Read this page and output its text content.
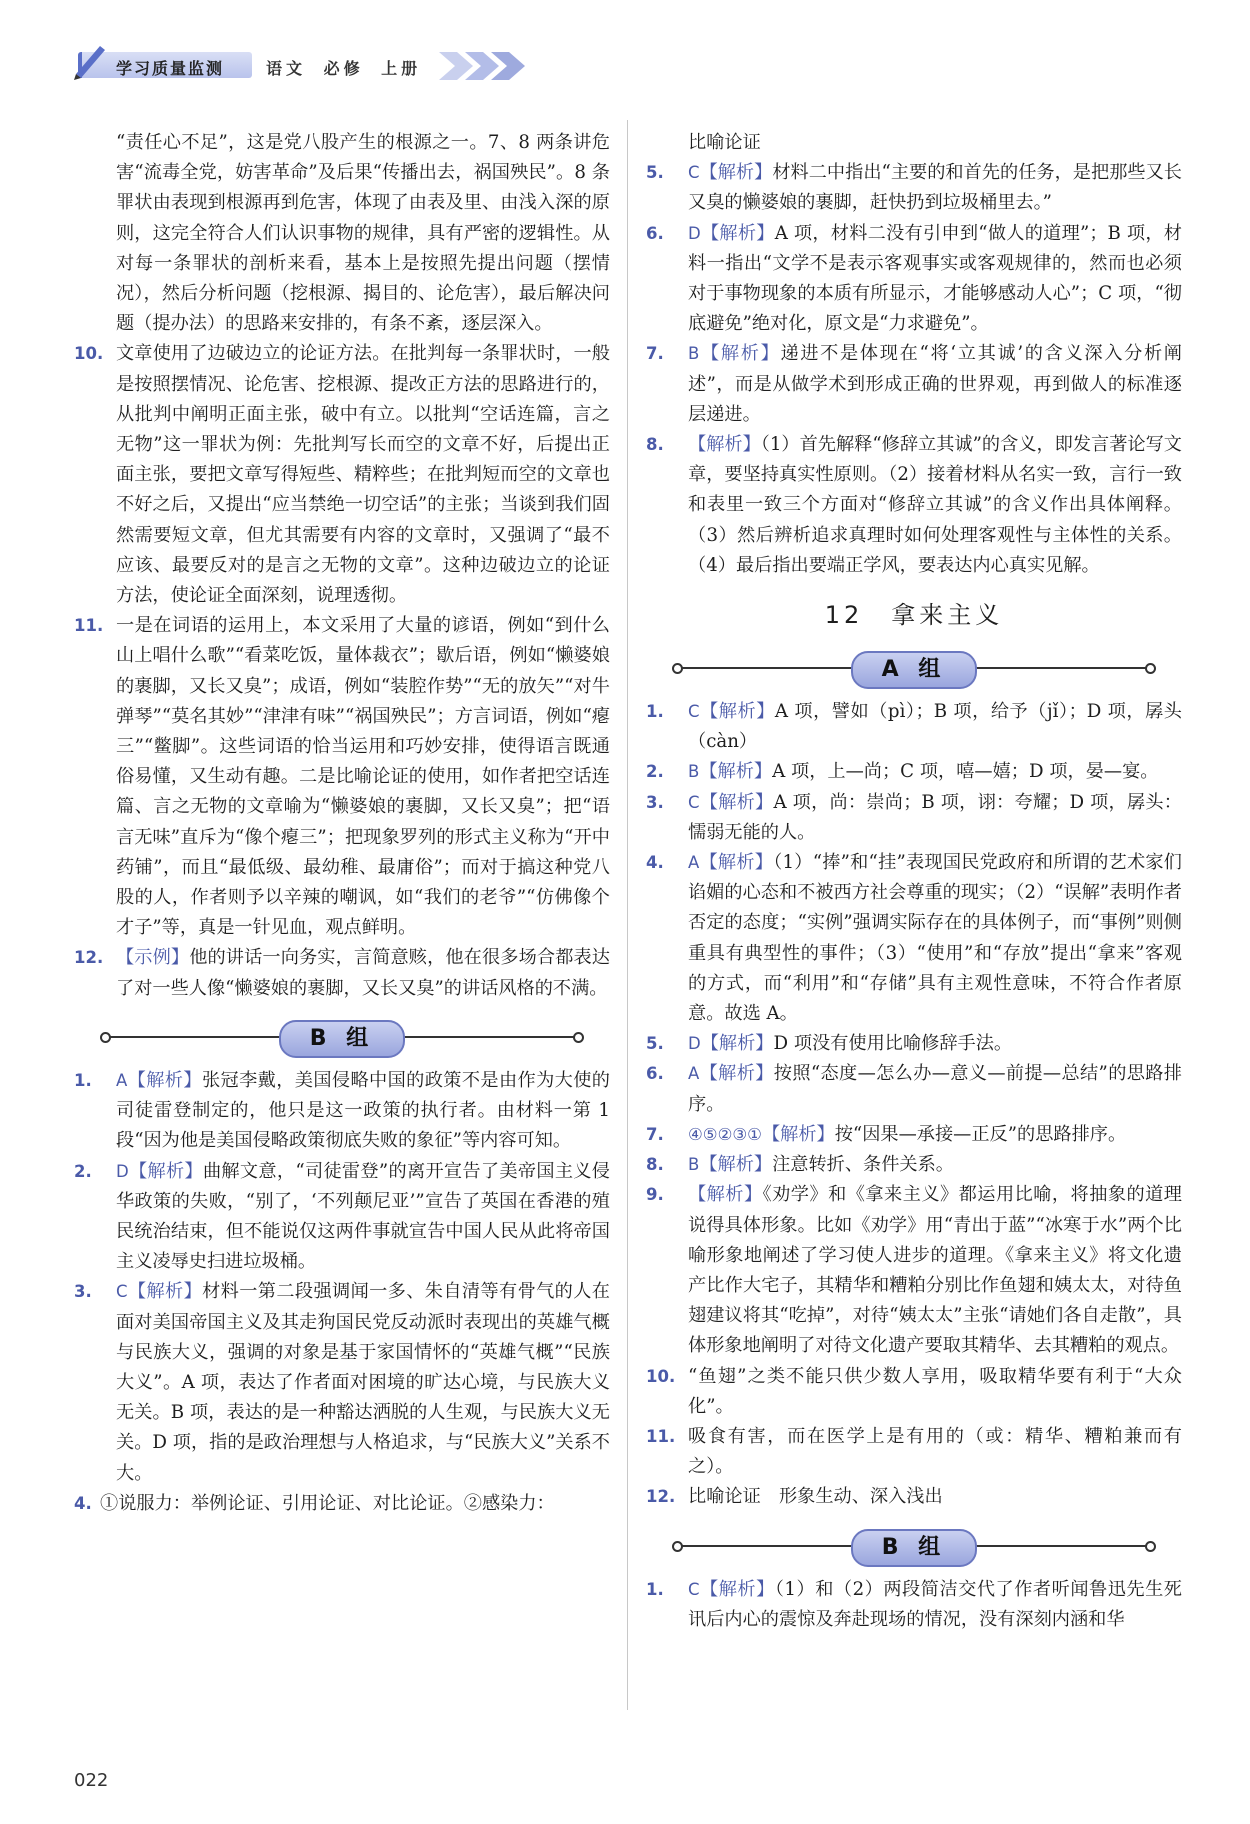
学习质量监测	语文 必修 上册

“责任心不足”，这是党八股产生的根源之一。7、8 两条讲危害“流毒全党，妨害革命”及后果“传播出去，祸国殃民”。8 条罪状由表现到根源再到危害，体现了由表及里、由浅入深的原则，这完全符合人们认识事物的规律，具有严密的逻辑性。从对每一条罪状的剖析来看，基本上是按照先提出问题（摆情况），然后分析问题（挖根源、揭目的、论危害），最后解决问题（提办法）的思路来安排的，有条不紊，逐层深入。

10. 文章使用了边破边立的论证方法。在批判每一条罪状时，一般是按照摆情况、论危害、挖根源、提改正方法的思路进行的，从批判中阐明正面主张，破中有立。以批判“空话连篇，言之无物”这一罪状为例：先批判写长而空的文章不好，后提出正面主张，要把文章写得短些、精粹些；在批判短而空的文章也不好之后，又提出“应当禁绝一切空话”的主张；当谈到我们固然需要短文章，但尤其需要有内容的文章时，又强调了“最不应该、最要反对的是言之无物的文章”。这种边破边立的论证方法，使论证全面深刻，说理透彻。
11. 一是在词语的运用上，本文采用了大量的谚语，例如“到什么山上唱什么歌”“看菜吃饭，量体裁衣”；歇后语，例如“懒婆娘的裹脚，又长又臭”；成语，例如“装腔作势”“无的放矢”“对牛弹琴”“莫名其妙”“津津有味”“祸国殃民”；方言词语，例如“瘪三”“鳖脚”。这些词语的恰当运用和巧妙安排，使得语言既通俗易懂，又生动有趣。二是比喻论证的使用，如作者把空话连篇、言之无物的文章喻为“懒婆娘的裹脚，又长又臭”；把“语言无味”直斥为“像个瘪三”；把现象罗列的形式主义称为“开中药铺”，而且“最低级、最幼稚、最庸俗”；而对于搞这种党八股的人，作者则予以辛辣的嘲讽，如“我们的老爷”“仿佛像个才子”等，真是一针见血，观点鲜明。
12. 【示例】他的讲话一向务实，言简意赅，他在很多场合都表达了对一些人像“懒婆娘的裹脚，又长又臭”的讲话风格的不满。
B 组
1.	A【解析】张冠李戴，美国侵略中国的政策不是由作为大使的司徒雷登制定的，他只是这一政策的执行者。由材料一第 1 段“因为他是美国侵略政策彻底失败的象征”等内容可知。
2.	D【解析】曲解文意，“司徒雷登”的离开宣告了美帝国主义侵华政策的失败，“别了，‘不列颠尼亚’”宣告了英国在香港的殖民统治结束，但不能说仅这两件事就宣告中国人民从此将帝国主义凌辱史扫进垃圾桶。
3.	C【解析】材料一第二段强调闻一多、朱自清等有骨气的人在面对美国帝国主义及其走狗国民党反动派时表现出的英雄气概与民族大义，强调的对象是基于家国情怀的“英雄气概”“民族大义”。A 项，表达了作者面对困境的旷达心境，与民族大义无关。B 项，表达的是一种豁达洒脱的人生观，与民族大义无关。D 项，指的是政治理想与人格追求，与“民族大义”关系不大。
4. ①说服力：举例论证、引用论证、对比论证。②感染力：

比喻论证

5.	C【解析】材料二中指出“主要的和首先的任务，是把那些又长又臭的懒婆娘的裹脚，赶快扔到垃圾桶里去。”
6.	D【解析】A 项，材料二没有引申到“做人的道理”；B 项，材料一指出“文学不是表示客观事实或客观规律的，然而也必须对于事物现象的本质有所显示，才能够感动人心”；C 项，“彻底避免”绝对化，原文是“力求避免”。
7.	B【解析】递进不是体现在“将‘立其诚’的含义深入分析阐述”，而是从做学术到形成正确的世界观，再到做人的标准逐层递进。
8.	【解析】（1）首先解释“修辞立其诚”的含义，即发言著论写文章，要坚持真实性原则。（2）接着材料从名实一致，言行一致和表里一致三个方面对“修辞立其诚”的含义作出具体阐释。（3）然后辨析追求真理时如何处理客观性与主体性的关系。（4）最后指出要端正学风，要表达内心真实见解。
12　拿来主义
A 组
1.	C【解析】A 项，譬如（pì）；B 项，给予（jǐ）；D 项，孱头（càn）
2.	B【解析】A 项，上—尚；C 项，嘻—嬉；D 项，晏—宴。
3.	C【解析】A 项，尚：崇尚；B 项，诩：夸耀；D 项，孱头：懦弱无能的人。
4.	A【解析】（1）“捧”和“挂”表现国民党政府和所谓的艺术家们谄媚的心态和不被西方社会尊重的现实；（2）“误解”表明作者否定的态度；“实例”强调实际存在的具体例子，而“事例”则侧重具有典型性的事件；（3）“使用”和“存放”提出“拿来”客观的方式，而“利用”和“存储”具有主观性意味，不符合作者原意。故选 A。
5.	D【解析】D 项没有使用比喻修辞手法。
6.	A【解析】按照“态度—怎么办—意义—前提—总结”的思路排序。
7.	④⑤②③①【解析】按“因果—承接—正反”的思路排序。
8.	B【解析】注意转折、条件关系。
9.	【解析】《劝学》和《拿来主义》都运用比喻，将抽象的道理说得具体形象。比如《劝学》用“青出于蓝”“冰寒于水”两个比喻形象地阐述了学习使人进步的道理。《拿来主义》将文化遗产比作大宅子，其精华和糟粕分别比作鱼翅和姨太太，对待鱼翅建议将其“吃掉”，对待“姨太太”主张“请她们各自走散”，具体形象地阐明了对待文化遗产要取其精华、去其糟粕的观点。
10. “鱼翅”之类不能只供少数人享用，吸取精华要有利于“大众化”。
11. 吸食有害，而在医学上是有用的（或：精华、糟粕兼而有之）。
12. 比喻论证　形象生动、深入浅出
B 组
1.	C【解析】（1）和（2）两段简洁交代了作者听闻鲁迅先生死讯后内心的震惊及奔赴现场的情况，没有深刻内涵和华
022
